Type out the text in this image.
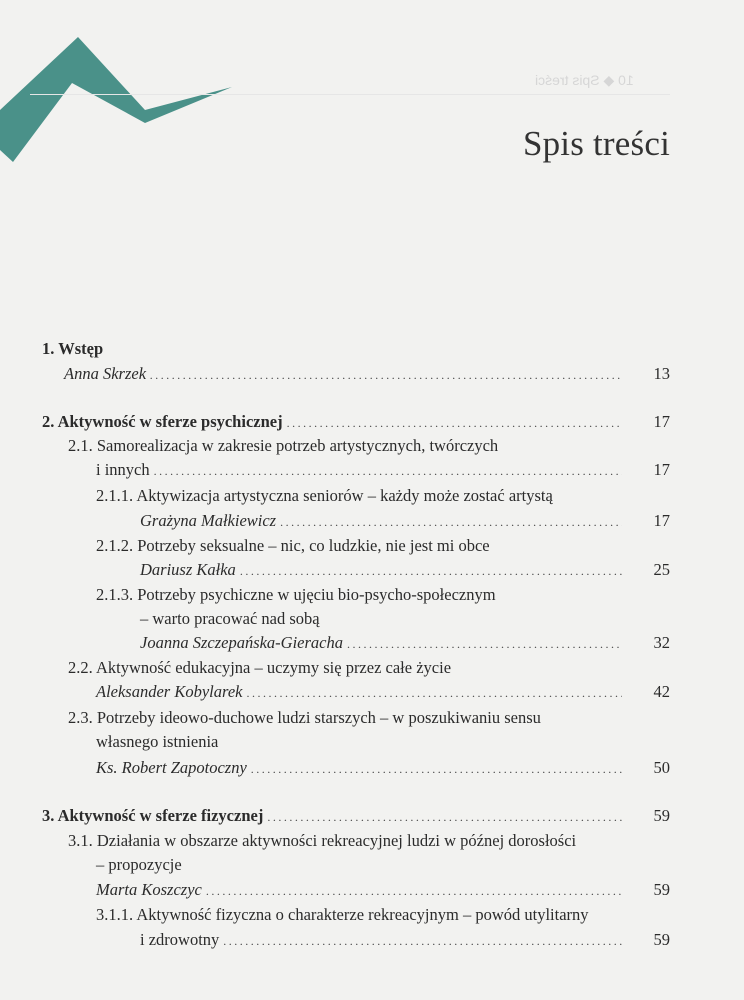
10 ◆ Spis treści
Spis treści
1. Wstęp
Anna Skrzek . . .	13
2. Aktywność w sferze psychicznej . . .	17
2.1. Samorealizacja w zakresie potrzeb artystycznych, twórczych
i innych . . .	17
2.1.1. Aktywizacja artystyczna seniorów – każdy może zostać artystą
Grażyna Małkiewicz . . .	17
2.1.2. Potrzeby seksualne – nic, co ludzkie, nie jest mi obce
Dariusz Kałka . . .	25
2.1.3. Potrzeby psychiczne w ujęciu bio-psycho-społecznym
– warto pracować nad sobą
Joanna Szczepańska-Gieracha . . .	32
2.2. Aktywność edukacyjna – uczymy się przez całe życie
Aleksander Kobylarek . . .	42
2.3. Potrzeby ideowo-duchowe ludzi starszych – w poszukiwaniu sensu
własnego istnienia
Ks. Robert Zapotoczny . . .	50
3. Aktywność w sferze fizycznej . . .	59
3.1. Działania w obszarze aktywności rekreacyjnej ludzi w późnej dorosłości
– propozycje
Marta Koszczyc . . .	59
3.1.1. Aktywność fizyczna o charakterze rekreacyjnym – powód utylitarny
i zdrowotny . . .	59
